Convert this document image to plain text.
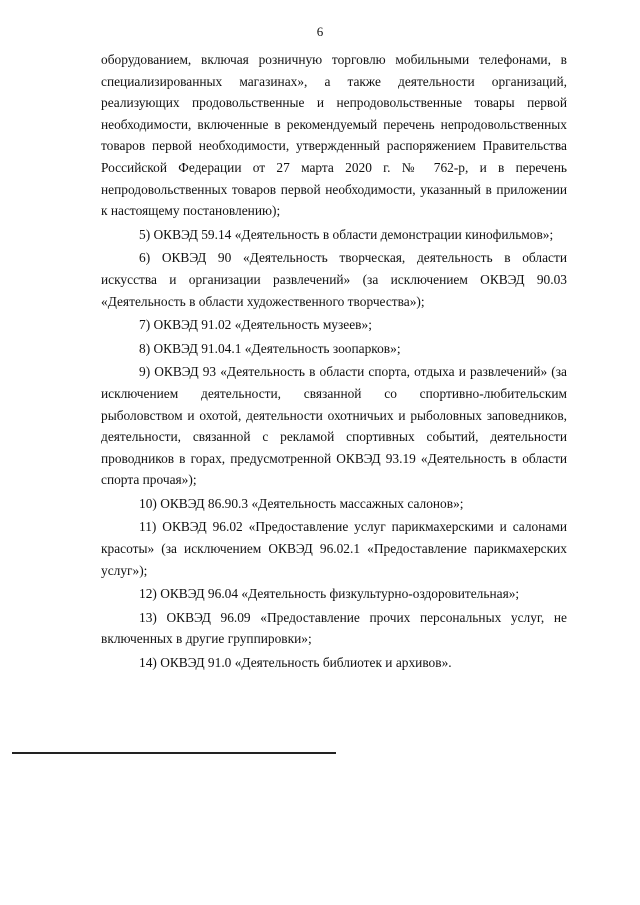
6

оборудованием, включая розничную торговлю мобильными телефонами, в специализированных магазинах», а также деятельности организаций, реализующих продовольственные и непродовольственные товары первой необходимости, включенные в рекомендуемый перечень непродовольственных товаров первой необходимости, утвержденный распоряжением Правительства Российской Федерации от 27 марта 2020 г. № 762-р, и в перечень непродовольственных товаров первой необходимости, указанный в приложении к настоящему постановлению);

5) ОКВЭД 59.14 «Деятельность в области демонстрации кинофильмов»;

6) ОКВЭД 90 «Деятельность творческая, деятельность в области искусства и организации развлечений» (за исключением ОКВЭД 90.03 «Деятельность в области художественного творчества»);

7) ОКВЭД 91.02 «Деятельность музеев»;

8) ОКВЭД 91.04.1 «Деятельность зоопарков»;

9) ОКВЭД 93 «Деятельность в области спорта, отдыха и развлечений» (за исключением деятельности, связанной со спортивно-любительским рыболовством и охотой, деятельности охотничьих и рыболовных заповедников, деятельности, связанной с рекламой спортивных событий, деятельности проводников в горах, предусмотренной ОКВЭД 93.19 «Деятельность в области спорта прочая»);

10) ОКВЭД 86.90.3 «Деятельность массажных салонов»;

11) ОКВЭД 96.02 «Предоставление услуг парикмахерскими и салонами красоты» (за исключением ОКВЭД 96.02.1 «Предоставление парикмахерских услуг»);

12) ОКВЭД 96.04 «Деятельность физкультурно-оздоровительная»;

13) ОКВЭД 96.09 «Предоставление прочих персональных услуг, не включенных в другие группировки»;

14) ОКВЭД 91.0 «Деятельность библиотек и архивов».
